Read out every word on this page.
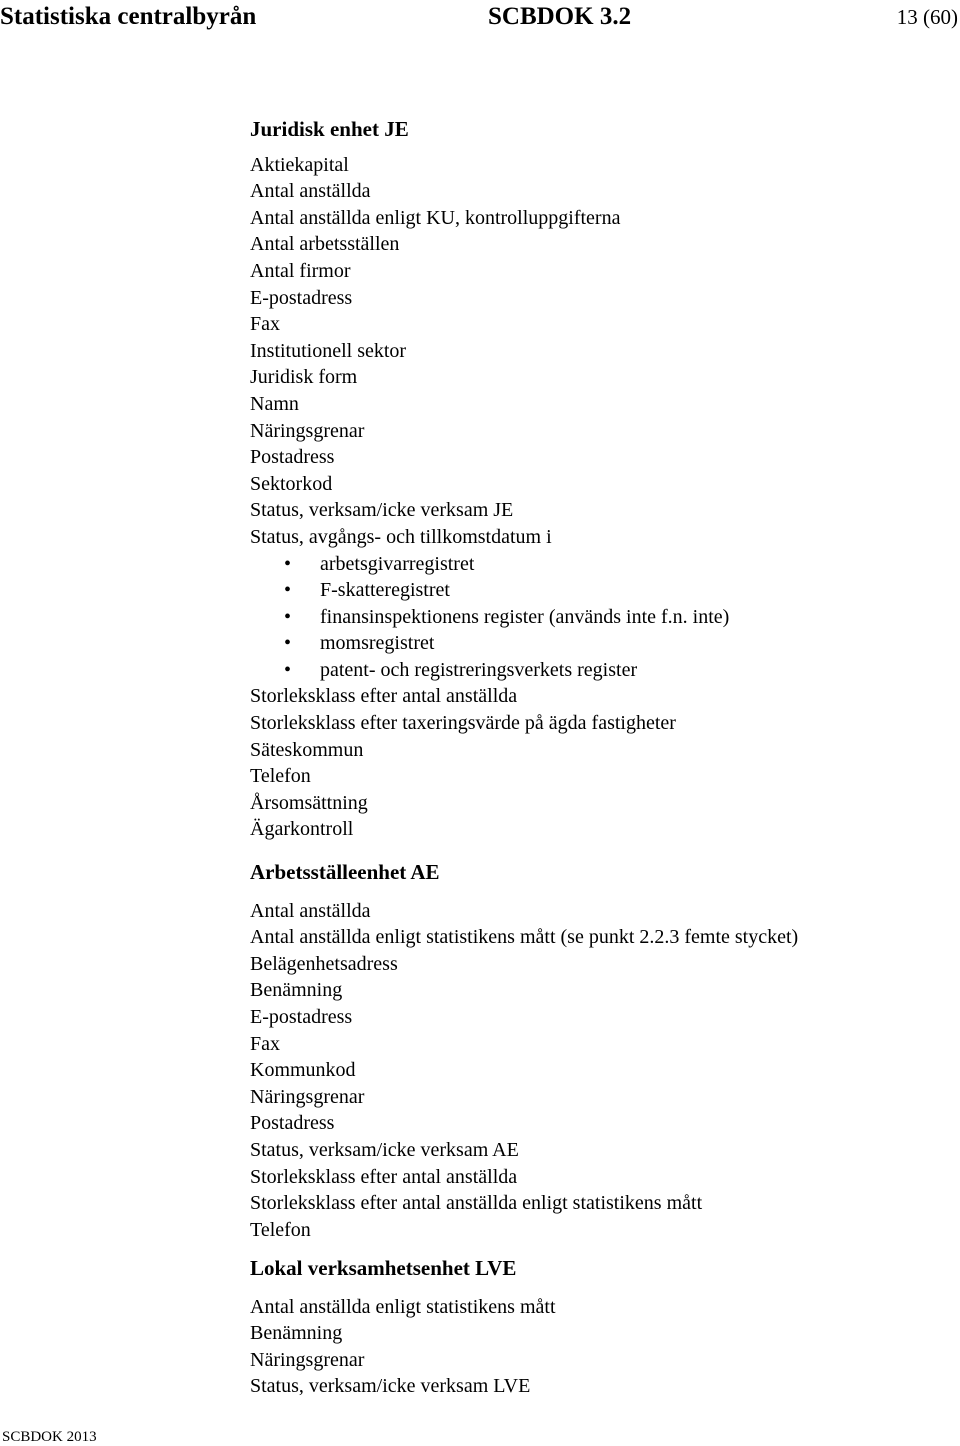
Statistiska centralbyrån	SCBDOK 3.2	13 (60)
Juridisk enhet JE
Aktiekapital
Antal anställda
Antal anställda enligt KU, kontrolluppgifterna
Antal arbetsställen
Antal firmor
E-postadress
Fax
Institutionell sektor
Juridisk form
Namn
Näringsgrenar
Postadress
Sektorkod
Status, verksam/icke verksam JE
Status, avgångs- och tillkomstdatum i
• arbetsgivarregistret
• F-skatteregistret
• finansinspektionens register (används inte f.n. inte)
• momsregistret
• patent- och registreringsverkets register
Storleksklass efter antal anställda
Storleksklass efter taxeringsvärde på ägda fastigheter
Säteskommun
Telefon
Årsomsättning
Ägarkontroll
Arbetsställeenhet AE
Antal anställda
Antal anställda enligt statistikens mått (se punkt 2.2.3 femte stycket)
Belägenhetsadress
Benämning
E-postadress
Fax
Kommunkod
Näringsgrenar
Postadress
Status, verksam/icke verksam AE
Storleksklass efter antal anställda
Storleksklass efter antal anställda enligt statistikens mått
Telefon
Lokal verksamhetsenhet LVE
Antal anställda enligt statistikens mått
Benämning
Näringsgrenar
Status, verksam/icke verksam LVE
SCBDOK 2013
